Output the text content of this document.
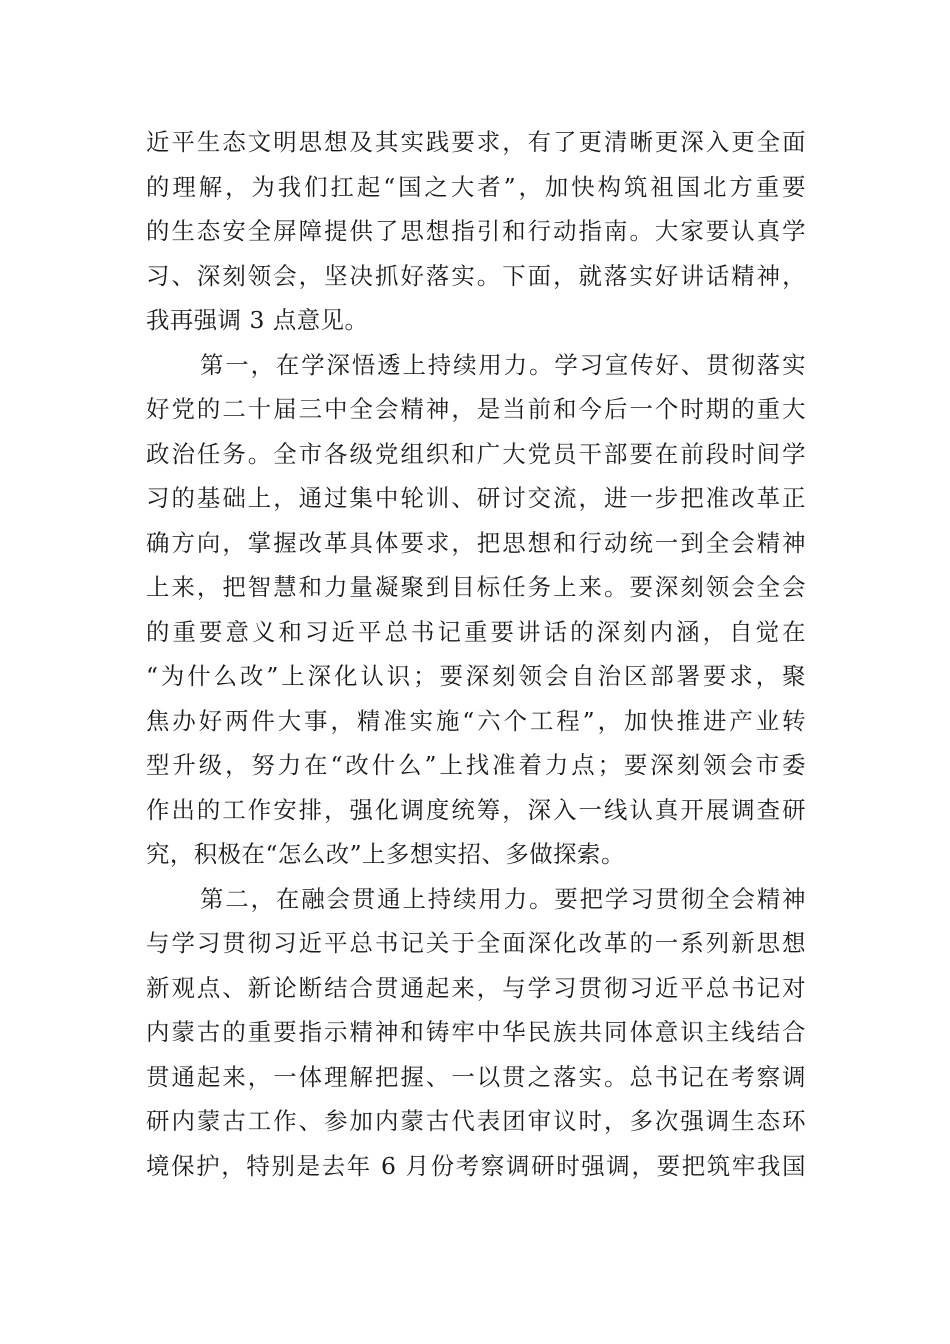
近平生态文明思想及其实践要求，有了更清晰更深入更全面
的理解，为我们扛起“国之大者”，加快构筑祖国北方重要
的生态安全屏障提供了思想指引和行动指南。大家要认真学
习、深刻领会，坚决抓好落实。下面，就落实好讲话精神，
我再强调 3 点意见。
第一，在学深悟透上持续用力。学习宣传好、贯彻落实
好党的二十届三中全会精神，是当前和今后一个时期的重大
政治任务。全市各级党组织和广大党员干部要在前段时间学
习的基础上，通过集中轮训、研讨交流，进一步把准改革正
确方向，掌握改革具体要求，把思想和行动统一到全会精神
上来，把智慧和力量凝聚到目标任务上来。要深刻领会全会
的重要意义和习近平总书记重要讲话的深刻内涵，自觉在
“为什么改”上深化认识；要深刻领会自治区部署要求，聚
焦办好两件大事，精准实施“六个工程”，加快推进产业转
型升级，努力在“改什么”上找准着力点；要深刻领会市委
作出的工作安排，强化调度统筹，深入一线认真开展调查研
究，积极在“怎么改”上多想实招、多做探索。
第二，在融会贯通上持续用力。要把学习贯彻全会精神
与学习贯彻习近平总书记关于全面深化改革的一系列新思想
新观点、新论断结合贯通起来，与学习贯彻习近平总书记对
内蒙古的重要指示精神和铸牢中华民族共同体意识主线结合
贯通起来，一体理解把握、一以贯之落实。总书记在考察调
研内蒙古工作、参加内蒙古代表团审议时，多次强调生态环
境保护，特别是去年 6 月份考察调研时强调，要把筑牢我国
